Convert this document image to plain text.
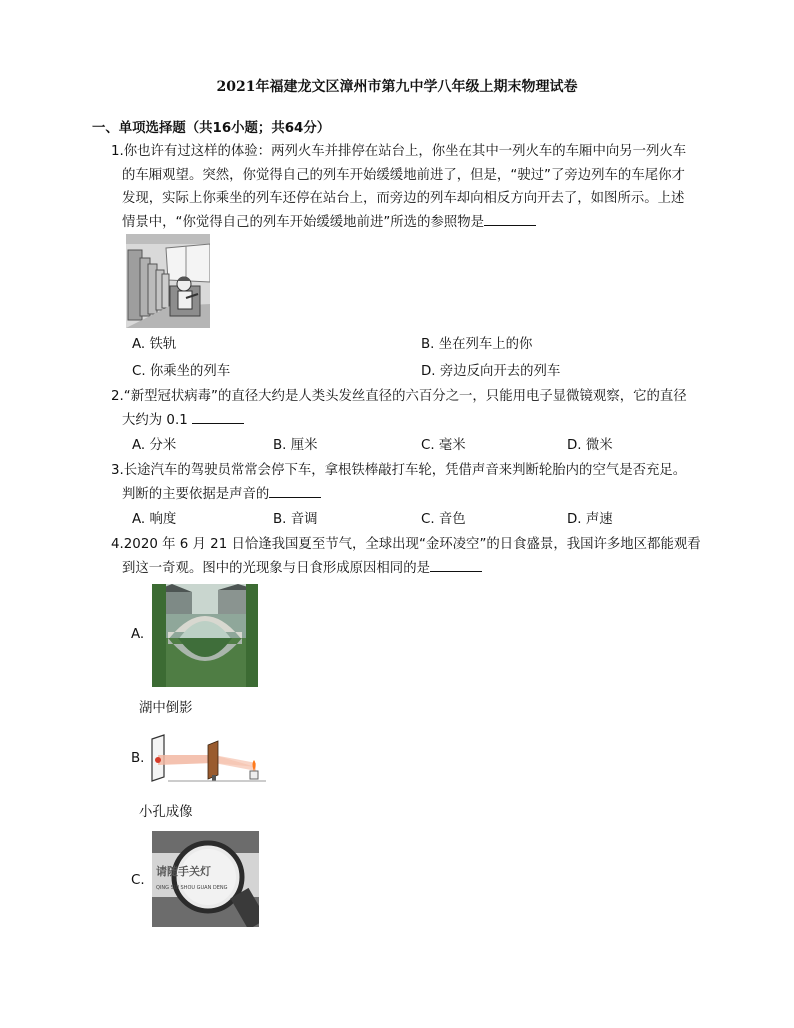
2021年福建龙文区漳州市第九中学八年级上期末物理试卷
一、单项选择题（共16小题；共64分）
1.你也许有过这样的体验：两列火车并排停在站台上，你坐在其中一列火车的车厢中向另一列火车
的车厢观望。突然，你觉得自己的列车开始缓缓地前进了，但是，“驶过”了旁边列车的车尾你才
发现，实际上你乘坐的列车还停在站台上，而旁边的列车却向相反方向开去了，如图所示。上述
情景中，“你觉得自己的列车开始缓缓地前进”所选的参照物是
A. 铁轨	B. 坐在列车上的你
C. 你乘坐的列车	D. 旁边反向开去的列车
2.“新型冠状病毒”的直径大约是人类头发丝直径的六百分之一，只能用电子显微镜观察，它的直径
大约为 0.1
A. 分米	B. 厘米	C. 毫米	D. 微米
3.长途汽车的驾驶员常常会停下车，拿根铁棒敲打车轮，凭借声音来判断轮胎内的空气是否充足。
判断的主要依据是声音的
A. 响度	B. 音调	C. 音色	D. 声速
4.2020 年 6 月 21 日恰逢我国夏至节气，全球出现“金环凌空”的日食盛景，我国许多地区都能观看
到这一奇观。图中的光现象与日食形成原因相同的是
A.
湖中倒影
B.
小孔成像
C.
请随手关灯
QING SUI SHOU GUAN DENG
